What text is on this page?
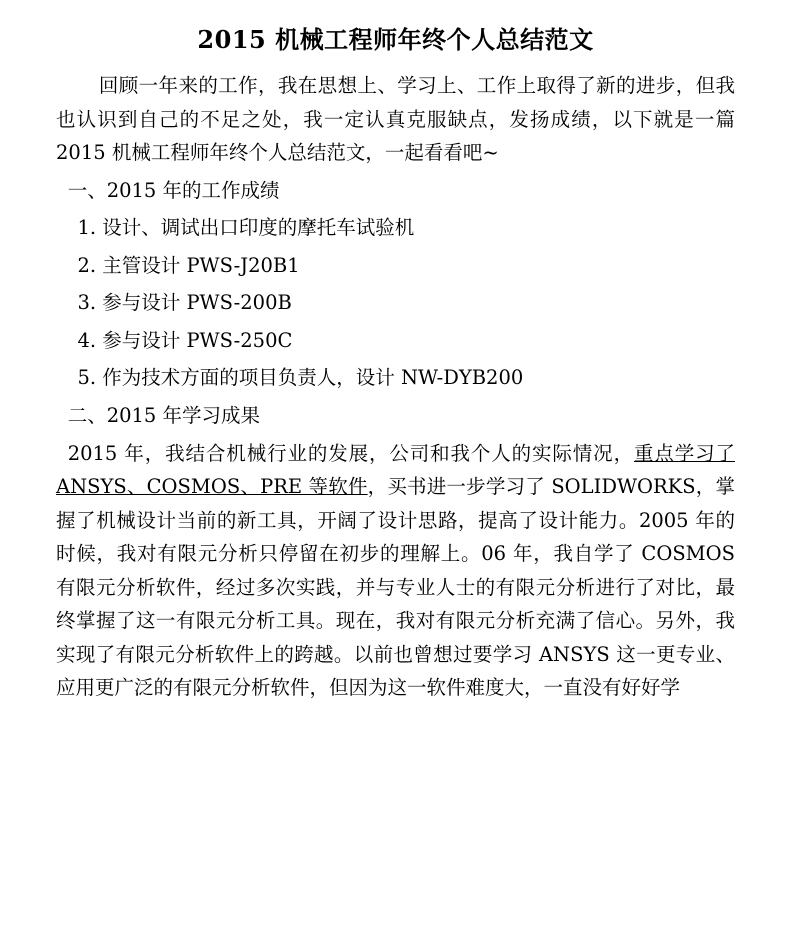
2015 机械工程师年终个人总结范文

回顾一年来的工作，我在思想上、学习上、工作上取得了新的进步，但我也认识到自己的不足之处，我一定认真克服缺点，发扬成绩，以下就是一篇 2015 机械工程师年终个人总结范文，一起看看吧~

一、2015 年的工作成绩

1. 设计、调试出口印度的摩托车试验机

2. 主管设计 PWS-J20B1

3. 参与设计 PWS-200B

4. 参与设计 PWS-250C

5. 作为技术方面的项目负责人，设计 NW-DYB200

二、2015 年学习成果

2015 年，我结合机械行业的发展，公司和我个人的实际情况，重点学习了 ANSYS、COSMOS、PRE 等软件，买书进一步学习了 SOLIDWORKS，掌握了机械设计当前的新工具，开阔了设计思路，提高了设计能力。2005 年的时候，我对有限元分析只停留在初步的理解上。06 年，我自学了 COSMOS 有限元分析软件，经过多次实践，并与专业人士的有限元分析进行了对比，最终掌握了这一有限元分析工具。现在，我对有限元分析充满了信心。另外，我实现了有限元分析软件上的跨越。以前也曾想过要学习 ANSYS 这一更专业、应用更广泛的有限元分析软件，但因为这一软件难度大，一直没有好好学
